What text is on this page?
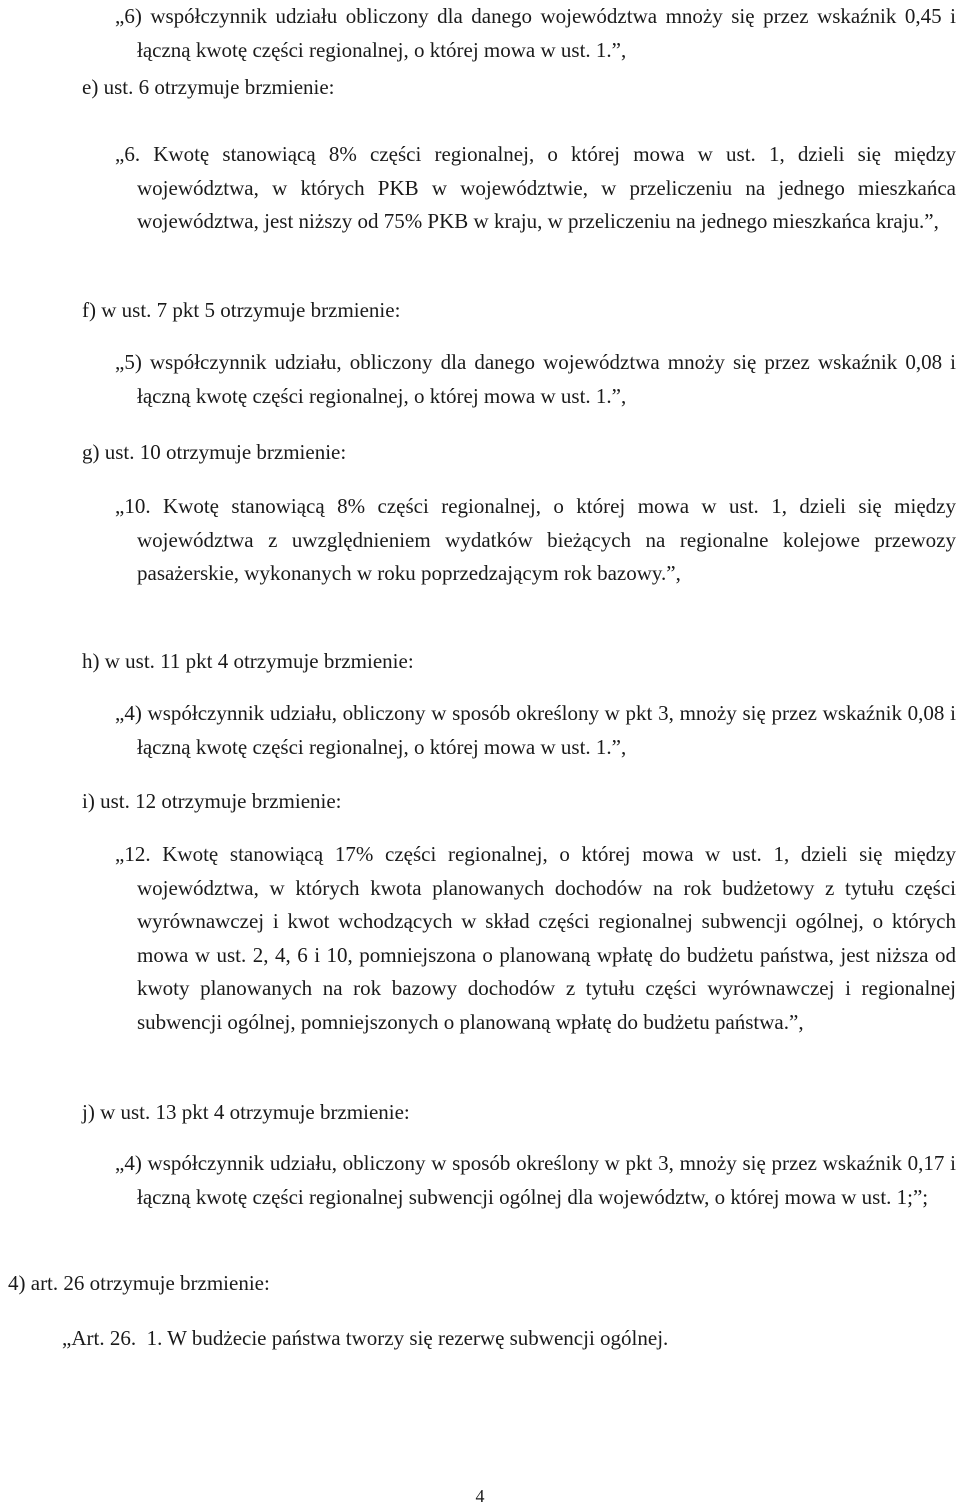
„6) współczynnik udziału obliczony dla danego województwa mnoży się przez wskaźnik 0,45 i łączną kwotę części regionalnej, o której mowa w ust. 1.”,

e) ust. 6 otrzymuje brzmienie:

„6. Kwotę stanowiącą 8% części regionalnej, o której mowa w ust. 1, dzieli się między województwa, w których PKB w województwie, w przeliczeniu na jednego mieszkańca województwa, jest niższy od 75% PKB w kraju, w przeliczeniu na jednego mieszkańca kraju.”,

f) w ust. 7 pkt 5 otrzymuje brzmienie:

„5) współczynnik udziału, obliczony dla danego województwa mnoży się przez wskaźnik 0,08 i łączną kwotę części regionalnej, o której mowa w ust. 1.”,

g) ust. 10 otrzymuje brzmienie:

„10. Kwotę stanowiącą 8% części regionalnej, o której mowa w ust. 1, dzieli się między województwa z uwzględnieniem wydatków bieżących na regionalne kolejowe przewozy pasażerskie, wykonanych w roku poprzedzającym rok bazowy.”,

h) w ust. 11 pkt 4 otrzymuje brzmienie:

„4) współczynnik udziału, obliczony w sposób określony w pkt 3, mnoży się przez wskaźnik 0,08 i łączną kwotę części regionalnej, o której mowa w ust. 1.”,

i) ust. 12 otrzymuje brzmienie:

„12. Kwotę stanowiącą 17% części regionalnej, o której mowa w ust. 1, dzieli się między województwa, w których kwota planowanych dochodów na rok budżetowy z tytułu części wyrównawczej i kwot wchodzących w skład części regionalnej subwencji ogólnej, o których mowa w ust. 2, 4, 6 i 10, pomniejszona o planowaną wpłatę do budżetu państwa, jest niższa od kwoty planowanych na rok bazowy dochodów z tytułu części wyrównawczej i regionalnej subwencji ogólnej, pomniejszonych o planowaną wpłatę do budżetu państwa.”,

j) w ust. 13 pkt 4 otrzymuje brzmienie:

„4) współczynnik udziału, obliczony w sposób określony w pkt 3, mnoży się przez wskaźnik 0,17 i łączną kwotę części regionalnej subwencji ogólnej dla województw, o której mowa w ust. 1;”;

4) art. 26 otrzymuje brzmienie:

„Art. 26.  1. W budżecie państwa tworzy się rezerwę subwencji ogólnej.

4
